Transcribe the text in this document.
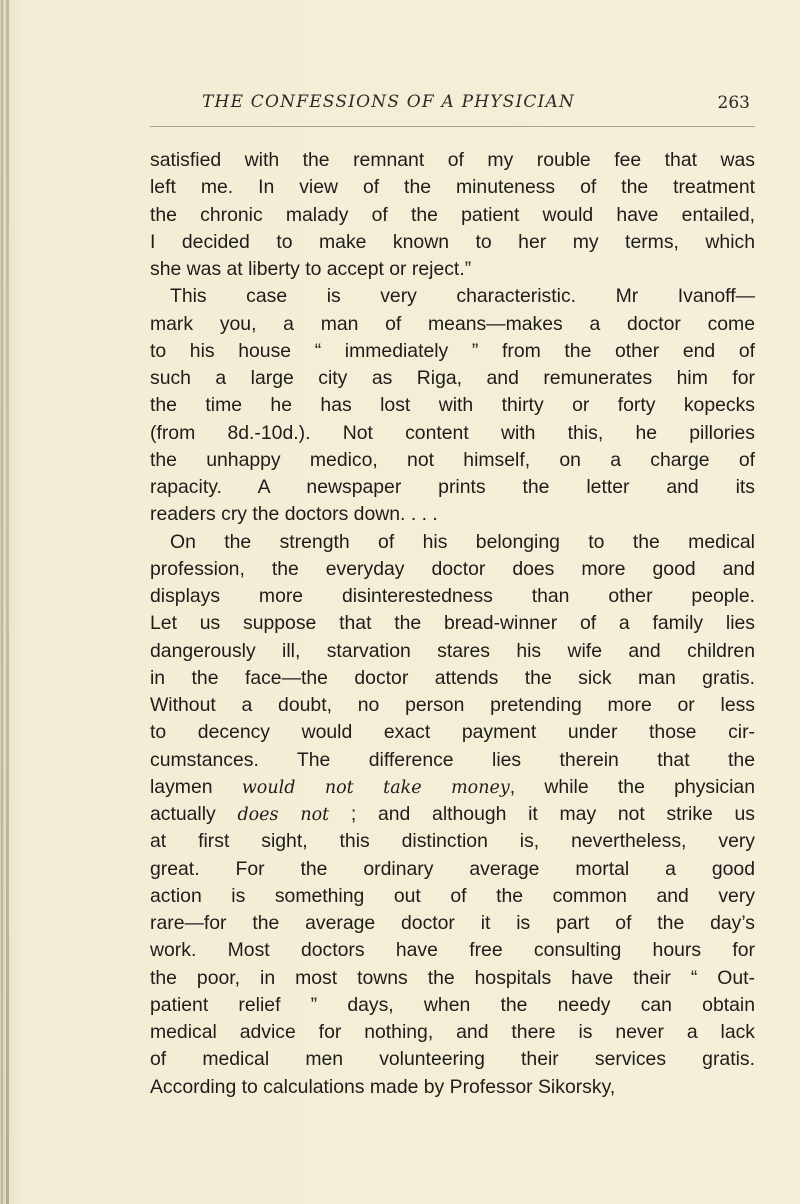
THE CONFESSIONS OF A PHYSICIAN	263
satisfied with the remnant of my rouble fee that was
left me. In view of the minuteness of the treatment
the chronic malady of the patient would have entailed,
I decided to make known to her my terms, which
she was at liberty to accept or reject.”
This case is very characteristic. Mr Ivanoff—
mark you, a man of means—makes a doctor come
to his house “ immediately ” from the other end of
such a large city as Riga, and remunerates him for
the time he has lost with thirty or forty kopecks
(from 8d.-10d.). Not content with this, he pillories
the unhappy medico, not himself, on a charge of
rapacity. A newspaper prints the letter and its
readers cry the doctors down. . . .
On the strength of his belonging to the medical
profession, the everyday doctor does more good and
displays more disinterestedness than other people.
Let us suppose that the bread-winner of a family lies
dangerously ill, starvation stares his wife and children
in the face—the doctor attends the sick man gratis.
Without a doubt, no person pretending more or less
to decency would exact payment under those cir-
cumstances. The difference lies therein that the
laymen would not take money, while the physician
actually does not ; and although it may not strike us
at first sight, this distinction is, nevertheless, very
great. For the ordinary average mortal a good
action is something out of the common and very
rare—for the average doctor it is part of the day’s
work. Most doctors have free consulting hours for
the poor, in most towns the hospitals have their “ Out-
patient relief ” days, when the needy can obtain
medical advice for nothing, and there is never a lack
of medical men volunteering their services gratis.
According to calculations made by Professor Sikorsky,
